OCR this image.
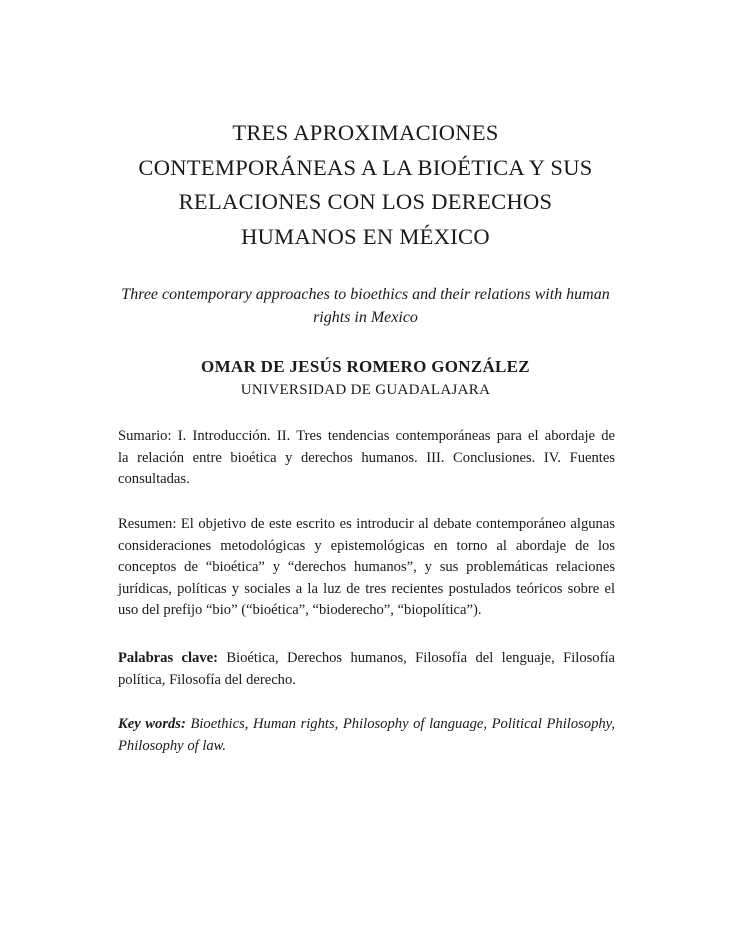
TRES APROXIMACIONES
CONTEMPORÁNEAS A LA BIOÉTICA Y SUS
RELACIONES CON LOS DERECHOS
HUMANOS EN MÉXICO

Three contemporary approaches to bioethics and their relations with human
rights in Mexico

OMAR DE JESÚS ROMERO GONZÁLEZ

UNIVERSIDAD DE GUADALAJARA

Sumario: I. Introducción. II. Tres tendencias contemporáneas para el abordaje de
la relación entre bioética y derechos humanos. III. Conclusiones. IV. Fuentes
consultadas.

Resumen: El objetivo de este escrito es introducir al debate contemporáneo algunas
consideraciones metodológicas y epistemológicas en torno al abordaje de los
conceptos de “bioética” y “derechos humanos”, y sus problemáticas relaciones
jurídicas, políticas y sociales a la luz de tres recientes postulados teóricos sobre el
uso del prefijo “bio” (“bioética”, “bioderecho”, “biopolítica”).

Palabras clave: Bioética, Derechos humanos, Filosofía del lenguaje, Filosofía
política, Filosofía del derecho.

Key words: Bioethics, Human rights, Philosophy of language, Political Philosophy,
Philosophy of law.
